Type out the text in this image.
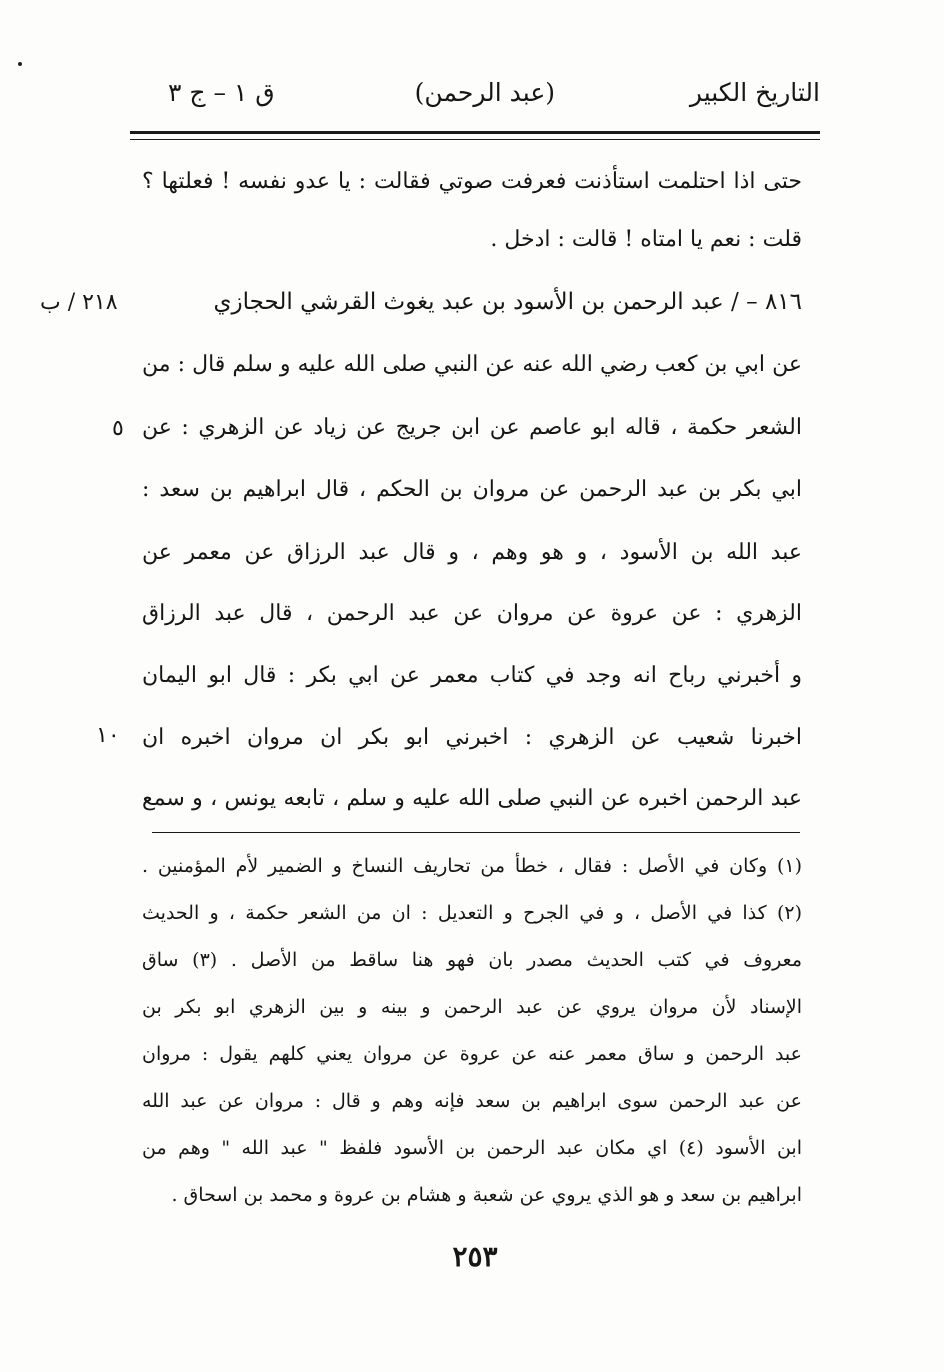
التاريخ الكبير
(عبد الرحمن)
ق ١ – ج ٣
حتى اذا احتلمت استأذنت فعرفت صوتي فقالت : يا عدو نفسه ! فعلتها ؟
قلت : نعم يا امتاه ! قالت : ادخل .
٨١٦ – / عبد الرحمن بن الأسود بن عبد يغوث القرشي الحجازي
عن ابي بن كعب رضي الله عنه عن النبي صلى الله عليه و سلم قال : من
الشعر حكمة ، قاله ابو عاصم عن ابن جريج عن زياد عن الزهري : عن
ابي بكر بن عبد الرحمن عن مروان بن الحكم ، قال ابراهيم بن سعد :
عبد الله بن الأسود ، و هو وهم ، و قال عبد الرزاق عن معمر عن
الزهري : عن عروة عن مروان عن عبد الرحمن ، قال عبد الرزاق
و أخبرني رباح انه وجد في كتاب معمر عن ابي بكر : قال ابو اليمان
اخبرنا شعيب عن الزهري : اخبرني ابو بكر ان مروان اخبره ان
عبد الرحمن اخبره عن النبي صلى الله عليه و سلم ، تابعه يونس ، و سمع
٢١٨ / ب
٥
١٠
(١) وكان في الأصل : فقال ، خطأ من تحاريف النساخ و الضمير لأم المؤمنين .
(٢) كذا في الأصل ، و في الجرح و التعديل : ان من الشعر حكمة ، و الحديث
معروف في كتب الحديث مصدر بان فهو هنا ساقط من الأصل . (٣) ساق
الإسناد لأن مروان يروي عن عبد الرحمن و بينه و بين الزهري ابو بكر بن
عبد الرحمن و ساق معمر عنه عن عروة عن مروان يعني كلهم يقول : مروان
عن عبد الرحمن سوى ابراهيم بن سعد فإنه وهم و قال : مروان عن عبد الله
ابن الأسود (٤) اي مكان عبد الرحمن بن الأسود فلفظ " عبد الله " وهم من
ابراهيم بن سعد و هو الذي يروي عن شعبة و هشام بن عروة و محمد بن اسحاق .
٢٥٣
